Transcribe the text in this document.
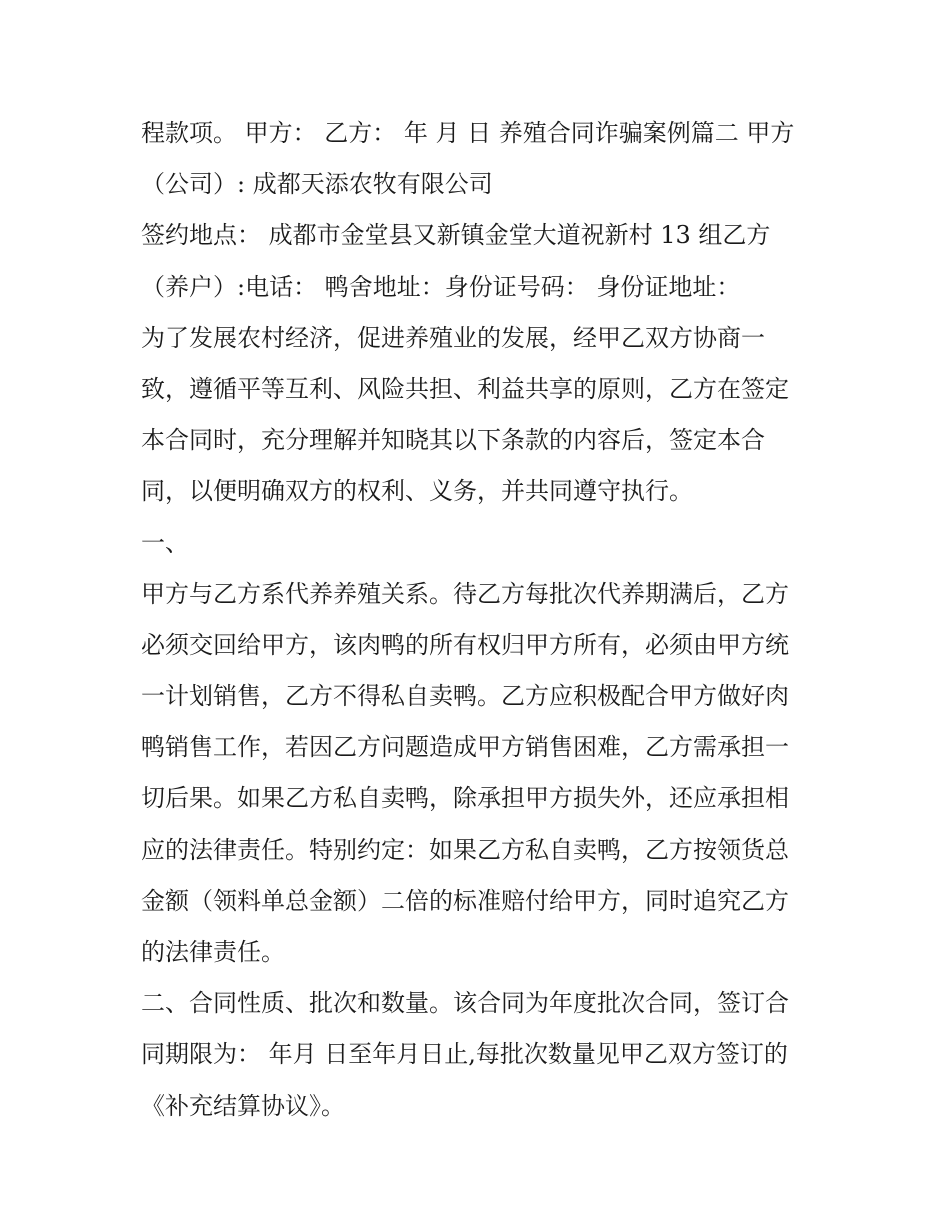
程款项。 甲方： 乙方： 年 月 日 养殖合同诈骗案例篇二 甲方
（公司）: 成都天添农牧有限公司
签约地点： 成都市金堂县又新镇金堂大道祝新村 13 组乙方
（养户）:电话： 鸭舍地址：身份证号码： 身份证地址：
为了发展农村经济，促进养殖业的发展，经甲乙双方协商一
致，遵循平等互利、风险共担、利益共享的原则，乙方在签定
本合同时，充分理解并知晓其以下条款的内容后，签定本合
同，以便明确双方的权利、义务，并共同遵守执行。
一、
甲方与乙方系代养养殖关系。待乙方每批次代养期满后，乙方
必须交回给甲方，该肉鸭的所有权归甲方所有，必须由甲方统
一计划销售，乙方不得私自卖鸭。乙方应积极配合甲方做好肉
鸭销售工作，若因乙方问题造成甲方销售困难，乙方需承担一
切后果。如果乙方私自卖鸭，除承担甲方损失外，还应承担相
应的法律责任。特别约定：如果乙方私自卖鸭，乙方按领货总
金额（领料单总金额）二倍的标准赔付给甲方，同时追究乙方
的法律责任。
二、合同性质、批次和数量。该合同为年度批次合同，签订合
同期限为： 年月 日至年月日止,每批次数量见甲乙双方签订的
《补充结算协议》。
